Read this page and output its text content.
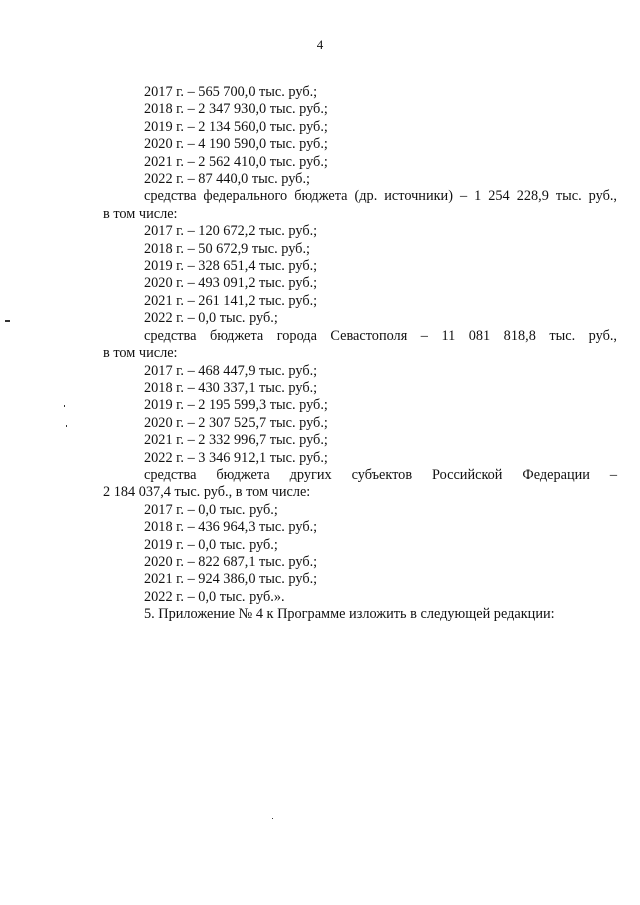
4
2017 г. – 565 700,0 тыс. руб.;
2018 г. – 2 347 930,0 тыс. руб.;
2019 г. – 2 134 560,0 тыс. руб.;
2020 г. – 4 190 590,0 тыс. руб.;
2021 г. – 2 562 410,0 тыс. руб.;
2022 г. – 87 440,0 тыс. руб.;
средства федерального бюджета (др. источники) – 1 254 228,9 тыс. руб.,
в том числе:
2017 г. – 120 672,2 тыс. руб.;
2018 г. – 50 672,9 тыс. руб.;
2019 г. – 328 651,4 тыс. руб.;
2020 г. – 493 091,2 тыс. руб.;
2021 г. – 261 141,2 тыс. руб.;
2022 г. – 0,0 тыс. руб.;
средства бюджета города Севастополя – 11 081 818,8 тыс. руб.,
в том числе:
2017 г. – 468 447,9 тыс. руб.;
2018 г. – 430 337,1 тыс. руб.;
2019 г. – 2 195 599,3 тыс. руб.;
2020 г. – 2 307 525,7 тыс. руб.;
2021 г. – 2 332 996,7 тыс. руб.;
2022 г. – 3 346 912,1 тыс. руб.;
средства бюджета других субъектов Российской Федерации –
2 184 037,4 тыс. руб., в том числе:
2017 г. – 0,0 тыс. руб.;
2018 г. – 436 964,3 тыс. руб.;
2019 г. – 0,0 тыс. руб.;
2020 г. – 822 687,1 тыс. руб.;
2021 г. – 924 386,0 тыс. руб.;
2022 г. – 0,0 тыс. руб.».
5. Приложение № 4 к Программе изложить в следующей редакции:
